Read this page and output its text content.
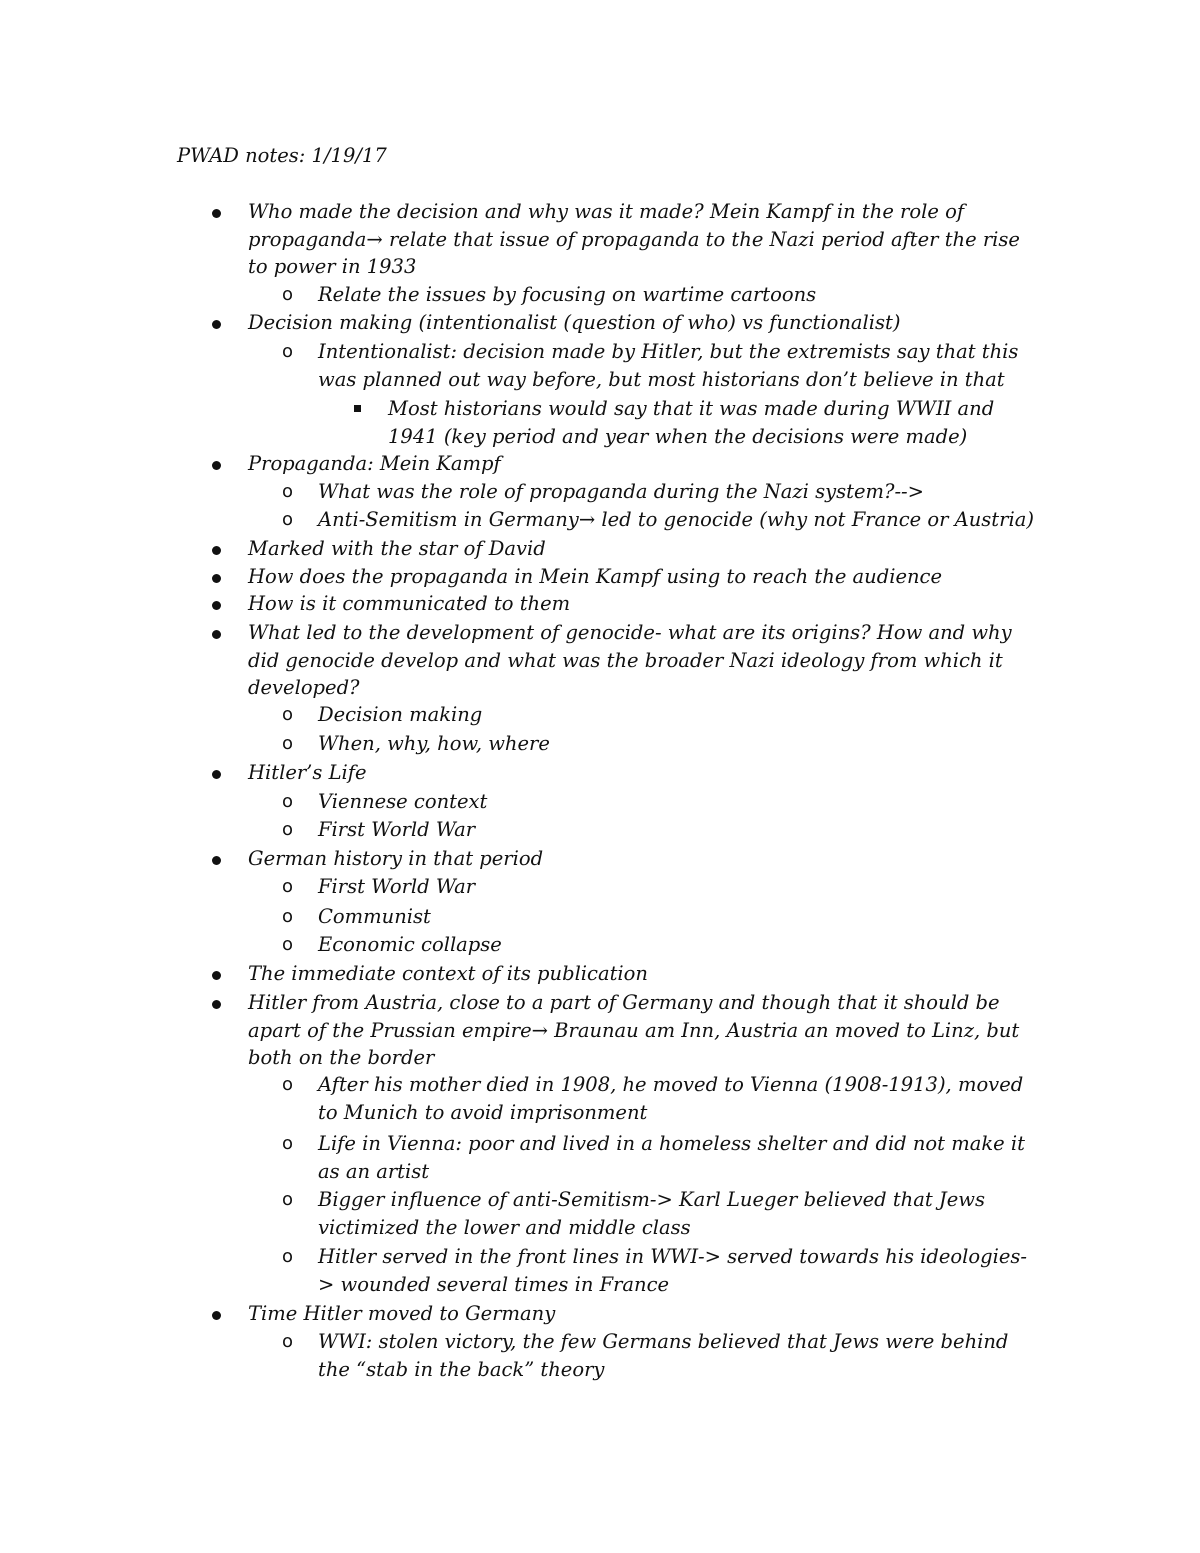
PWAD notes: 1/19/17
Who made the decision and why was it made? Mein Kampf in the role of propaganda→ relate that issue of propaganda to the Nazi period after the rise to power in 1933
o Relate the issues by focusing on wartime cartoons
Decision making (intentionalist (question of who) vs functionalist)
o Intentionalist: decision made by Hitler, but the extremists say that this was planned out way before, but most historians don’t believe in that
Most historians would say that it was made during WWII and 1941 (key period and year when the decisions were made)
Propaganda: Mein Kampf
o What was the role of propaganda during the Nazi system?-->
o Anti-Semitism in Germany→ led to genocide (why not France or Austria)
Marked with the star of David
How does the propaganda in Mein Kampf using to reach the audience
How is it communicated to them
What led to the development of genocide- what are its origins? How and why did genocide develop and what was the broader Nazi ideology from which it developed?
o Decision making
o When, why, how, where
Hitler’s Life
o Viennese context
o First World War
German history in that period
o First World War
o Communist
o Economic collapse
The immediate context of its publication
Hitler from Austria, close to a part of Germany and though that it should be apart of the Prussian empire→ Braunau am Inn, Austria an moved to Linz, but both on the border
o After his mother died in 1908, he moved to Vienna (1908-1913), moved to Munich to avoid imprisonment
o Life in Vienna: poor and lived in a homeless shelter and did not make it as an artist
o Bigger influence of anti-Semitism-> Karl Lueger believed that Jews victimized the lower and middle class
o Hitler served in the front lines in WWI-> served towards his ideologies-> wounded several times in France
Time Hitler moved to Germany
o WWI: stolen victory, the few Germans believed that Jews were behind the “stab in the back” theory
